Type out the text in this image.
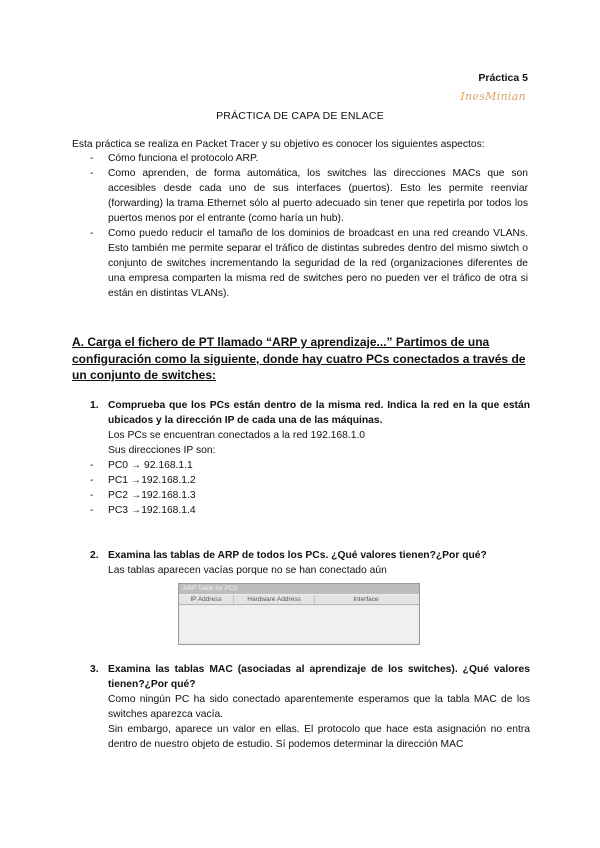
Práctica 5
InesMinian
PRÁCTICA DE CAPA DE ENLACE
Esta práctica se realiza en Packet Tracer y su objetivo es conocer los siguientes aspectos:
- Cómo funciona el protocolo ARP.
- Como aprenden, de forma automática, los switches las direcciones MACs que son accesibles desde cada uno de sus interfaces (puertos). Esto les permite reenviar (forwarding) la trama Ethernet sólo al puerto adecuado sin tener que repetirla por todos los puertos menos por el entrante (como haría un hub).
- Como puedo reducir el tamaño de los dominios de broadcast en una red creando VLANs. Esto también me permite separar el tráfico de distintas subredes dentro del mismo siwtch o conjunto de switches incrementando la seguridad de la red (organizaciones diferentes de una empresa comparten la misma red de switches pero no pueden ver el tráfico de otra si están en distintas VLANs).
A. Carga el fichero de PT llamado “ARP y aprendizaje...” Partimos de una configuración como la siguiente, donde hay cuatro PCs conectados a través de un conjunto de switches:
1. Comprueba que los PCs están dentro de la misma red. Indica la red en la que están ubicados y la dirección IP de cada una de las máquinas.
Los PCs se encuentran conectados a la red 192.168.1.0
Sus direcciones IP son:
- PC0 → 92.168.1.1
- PC1 →192.168.1.2
- PC2 →192.168.1.3
- PC3 →192.168.1.4
2. Examina las tablas de ARP de todos los PCs. ¿Qué valores tienen?¿Por qué?
Las tablas aparecen vacías porque no se han conectado aún
ARP Table for PC0
IP Address	Hardware Address	Interface
3. Examina las tablas MAC (asociadas al aprendizaje de los switches). ¿Qué valores tienen?¿Por qué?
Como ningún PC ha sido conectado aparentemente esperamos que la tabla MAC de los switches aparezca vacía.
Sin embargo, aparece un valor en ellas. El protocolo que hace esta asignación no entra dentro de nuestro objeto de estudio. Sí podemos determinar la dirección MAC
